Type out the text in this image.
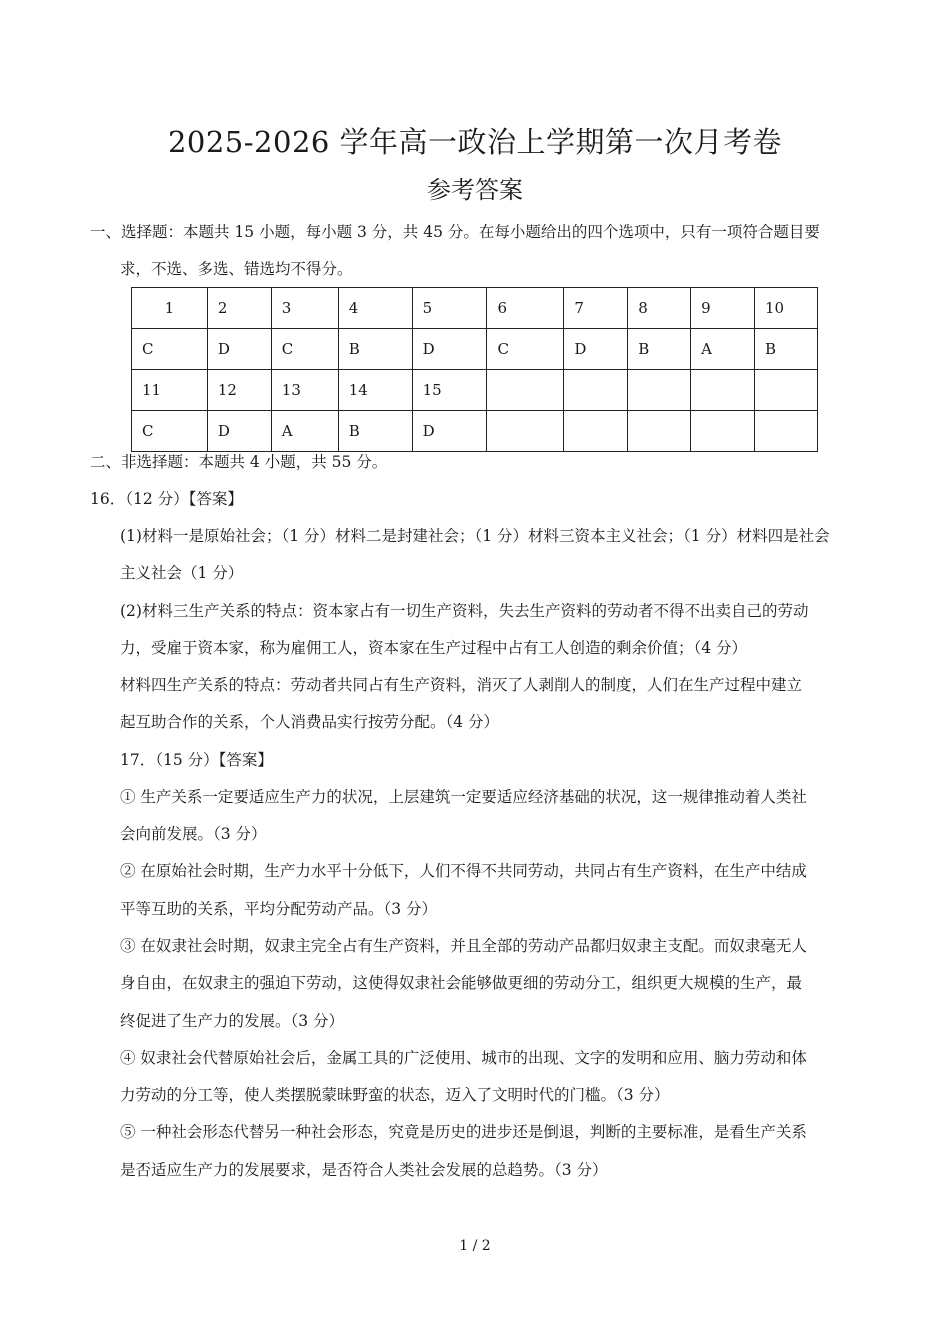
2025-2026 学年高一政治上学期第一次月考卷
参考答案

一、选择题：本题共 15 小题，每小题 3 分，共 45 分。在每小题给出的四个选项中，只有一项符合题目要

求，不选、多选、错选均不得分。

1	2	3	4	5	6	7	8	9	10
C	D	C	B	D	C	D	B	A	B
11	12	13	14	15					
C	D	A	B	D					

二、非选择题：本题共 4 小题，共 55 分。

16．（12 分）【答案】

(1)材料一是原始社会；（1 分）材料二是封建社会；（1 分）材料三资本主义社会；（1 分）材料四是社会

主义社会（1 分）

(2)材料三生产关系的特点：资本家占有一切生产资料，失去生产资料的劳动者不得不出卖自己的劳动

力，受雇于资本家，称为雇佣工人，资本家在生产过程中占有工人创造的剩余价值；（4 分）

材料四生产关系的特点：劳动者共同占有生产资料，消灭了人剥削人的制度，人们在生产过程中建立

起互助合作的关系，个人消费品实行按劳分配。（4 分）

17．（15 分）【答案】

① 生产关系一定要适应生产力的状况，上层建筑一定要适应经济基础的状况，这一规律推动着人类社

会向前发展。（3 分）

② 在原始社会时期，生产力水平十分低下，人们不得不共同劳动，共同占有生产资料，在生产中结成

平等互助的关系，平均分配劳动产品。（3 分）

③ 在奴隶社会时期，奴隶主完全占有生产资料，并且全部的劳动产品都归奴隶主支配。而奴隶毫无人

身自由，在奴隶主的强迫下劳动，这使得奴隶社会能够做更细的劳动分工，组织更大规模的生产，最

终促进了生产力的发展。（3 分）

④ 奴隶社会代替原始社会后，金属工具的广泛使用、城市的出现、文字的发明和应用、脑力劳动和体

力劳动的分工等，使人类摆脱蒙昧野蛮的状态，迈入了文明时代的门槛。（3 分）

⑤ 一种社会形态代替另一种社会形态，究竟是历史的进步还是倒退，判断的主要标准，是看生产关系

是否适应生产力的发展要求，是否符合人类社会发展的总趋势。（3 分）

1 / 2
